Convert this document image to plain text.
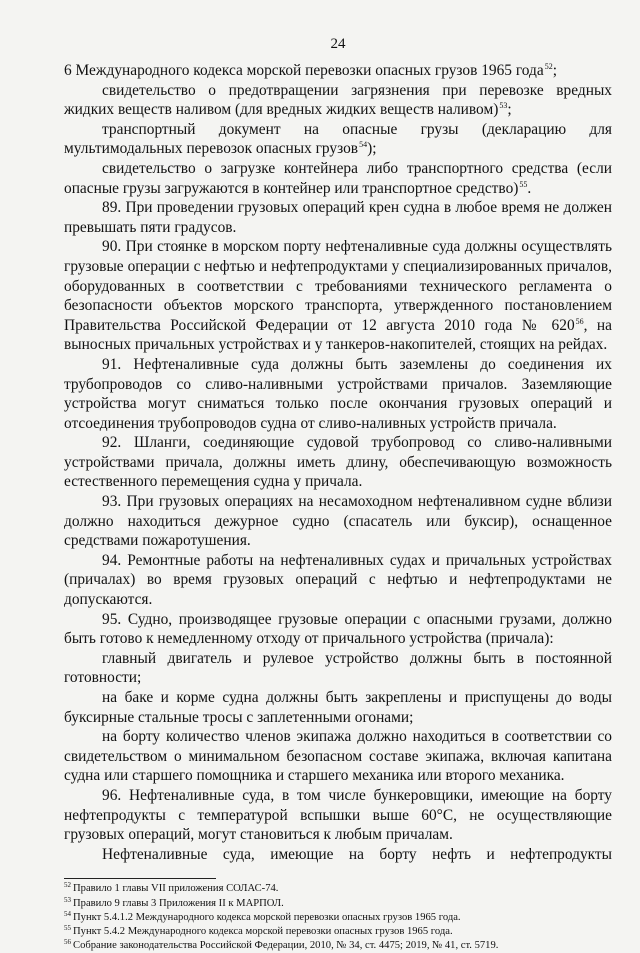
24

6 Международного кодекса морской перевозки опасных грузов 1965 года$^{52}$;

свидетельство о предотвращении загрязнения при перевозке вредных жидких веществ наливом (для вредных жидких веществ наливом)$^{53}$;

транспортный документ на опасные грузы (декларацию для мультимодальных перевозок опасных грузов$^{54}$);

свидетельство о загрузке контейнера либо транспортного средства (если опасные грузы загружаются в контейнер или транспортное средство)$^{55}$.

89. При проведении грузовых операций крен судна в любое время не должен превышать пяти градусов.

90. При стоянке в морском порту нефтеналивные суда должны осуществлять грузовые операции с нефтью и нефтепродуктами у специализированных причалов, оборудованных в соответствии с требованиями технического регламента о безопасности объектов морского транспорта, утвержденного постановлением Правительства Российской Федерации от 12 августа 2010 года № 620$^{56}$, на выносных причальных устройствах и у танкеров-накопителей, стоящих на рейдах.

91. Нефтеналивные суда должны быть заземлены до соединения их трубопроводов со сливо-наливными устройствами причалов. Заземляющие устройства могут сниматься только после окончания грузовых операций и отсоединения трубопроводов судна от сливо-наливных устройств причала.

92. Шланги, соединяющие судовой трубопровод со сливо-наливными устройствами причала, должны иметь длину, обеспечивающую возможность естественного перемещения судна у причала.

93. При грузовых операциях на несамоходном нефтеналивном судне вблизи должно находиться дежурное судно (спасатель или буксир), оснащенное средствами пожаротушения.

94. Ремонтные работы на нефтеналивных судах и причальных устройствах (причалах) во время грузовых операций с нефтью и нефтепродуктами не допускаются.

95. Судно, производящее грузовые операции с опасными грузами, должно быть готово к немедленному отходу от причального устройства (причала):

главный двигатель и рулевое устройство должны быть в постоянной готовности;

на баке и корме судна должны быть закреплены и приспущены до воды буксирные стальные тросы с заплетенными огонами;

на борту количество членов экипажа должно находиться в соответствии со свидетельством о минимальном безопасном составе экипажа, включая капитана судна или старшего помощника и старшего механика или второго механика.

96. Нефтеналивные суда, в том числе бункеровщики, имеющие на борту нефтепродукты с температурой вспышки выше 60°C, не осуществляющие грузовых операций, могут становиться к любым причалам.

Нефтеналивные суда, имеющие на борту нефть и нефтепродукты

$^{52}$ Правило 1 главы VII приложения СОЛАС-74.

$^{53}$ Правило 9 главы 3 Приложения II к МАРПОЛ.

$^{54}$ Пункт 5.4.1.2 Международного кодекса морской перевозки опасных грузов 1965 года.

$^{55}$ Пункт 5.4.2 Международного кодекса морской перевозки опасных грузов 1965 года.

$^{56}$ Собрание законодательства Российской Федерации, 2010, № 34, ст. 4475; 2019, № 41, ст. 5719.
